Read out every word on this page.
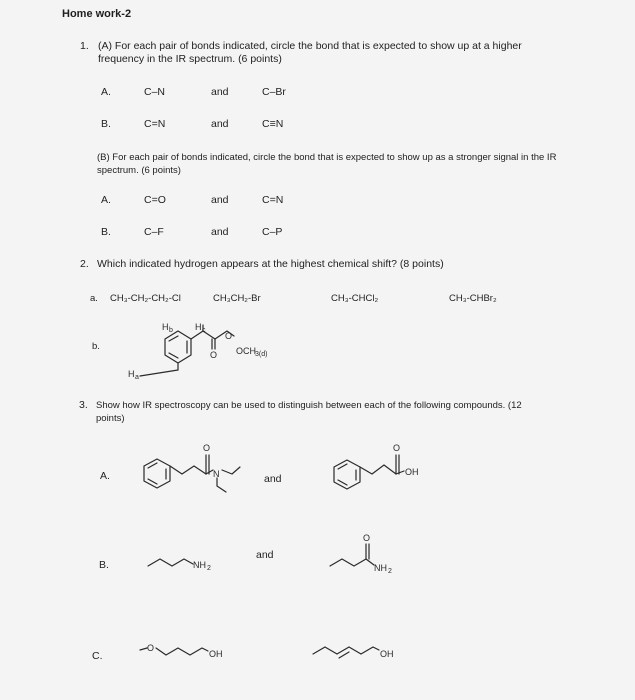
Home work-2
1. (A) For each pair of bonds indicated, circle the bond that is expected to show up at a higher frequency in the IR spectrum. (6 points)
A.	C–N	and	C–Br
B.	C=N	and	C≡N
(B) For each pair of bonds indicated, circle the bond that is expected to show up as a stronger signal in the IR spectrum. (6 points)
A.	C=O	and	C=N
B.	C–F	and	C–P
2. Which indicated hydrogen appears at the highest chemical shift? (8 points)
a. CH₃-CH₂-CH₂-Cl	CH₃CH₂-Br	CH₃-CHCl₂	CH₃-CHBr₂
b.
O
O
OCH 3(d)
H b H c
H a
3. Show how IR spectroscopy can be used to distinguish between each of the following compounds. (12 points)
A.	and
B.
and
C.
O
N
O
OH
NH 2
O
NH 2
O
OH	OH
